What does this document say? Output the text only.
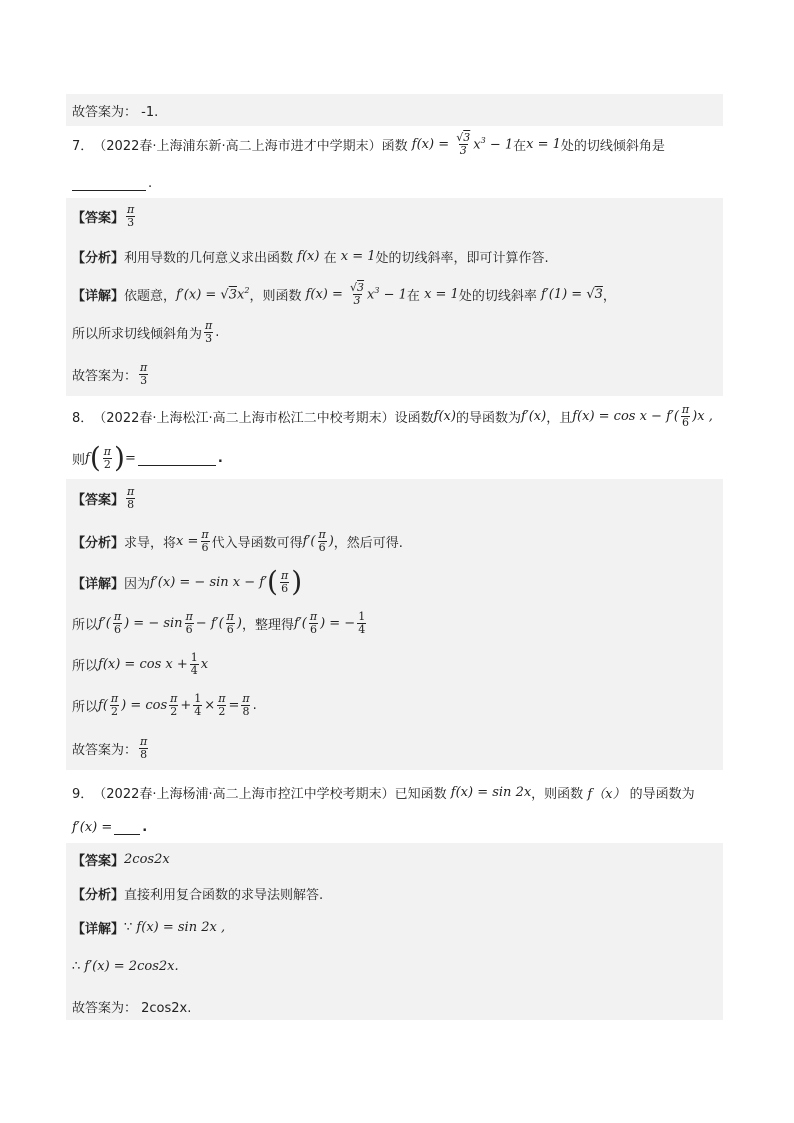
故答案为： -1.
7． （2022春·上海浦东新·高二上海市进才中学期末） 函数 $f(x) = \frac{√3}{3} x^3 - 1$ 在 x = 1 处的切线倾斜角是
.
【答案】 $\frac{\pi}{3}$
【分析】 利用导数的几何意义求出函数 f(x) 在 x = 1 处的切线斜率，即可计算作答.
【详解】 依题意， $f'(x) = √3x^2$ ，则函数 $f(x) = \frac{√3}{3} x^3 - 1$ 在 x = 1 处的切线斜率 f′(1) = √3 ，
所以所求切线倾斜角为 $\frac{\pi}{3}$ .
故答案为： $\frac{\pi}{3}$
8． （2022春·上海松江·高二上海市松江二中校考期末） 设函数 f(x) 的导函数为 f′(x) ，且 $f(x) = \cos x - f'( \frac{\pi}{6} )x$ ,
则 f ( $\frac{\pi}{2}$ ) =	.
【答案】 $\frac{\pi}{8}$
【分析】 求导，将 $x = \frac{\pi}{6}$ 代入导函数可得 $f'( \frac{\pi}{6}$ ) ，然后可得.
【详解】 因为 f′(x) = − sin x − f′ ( $\frac{\pi}{6}$ )
所以 $f'( \frac{\pi}{6}$ ) = − $\sin \frac{\pi}{6} - f'( \frac{\pi}{6}$ ) ，整理得 $f'( \frac{\pi}{6}$ ) = − $\frac{1}{4}$
所以 $f(x) = \cos x + \frac{1}{4}$ x
所以 $f( \frac{\pi}{2}$ ) = $\cos \frac{\pi}{2} + \frac{1}{4} \times \frac{\pi}{2} = \frac{\pi}{8}$ .
故答案为： $\frac{\pi}{8}$
9． （2022春·上海杨浦·高二上海市控江中学校考期末） 已知函数 f(x) = sin 2x ，则函数 f（x） 的导函数为
f′(x) = .
【答案】 2cos2x
【分析】 直接利用复合函数的求导法则解答.
【详解】 ∵ f(x) = sin 2x ,
∴ f′(x) = 2cos2x.
故答案为： 2cos2x.
